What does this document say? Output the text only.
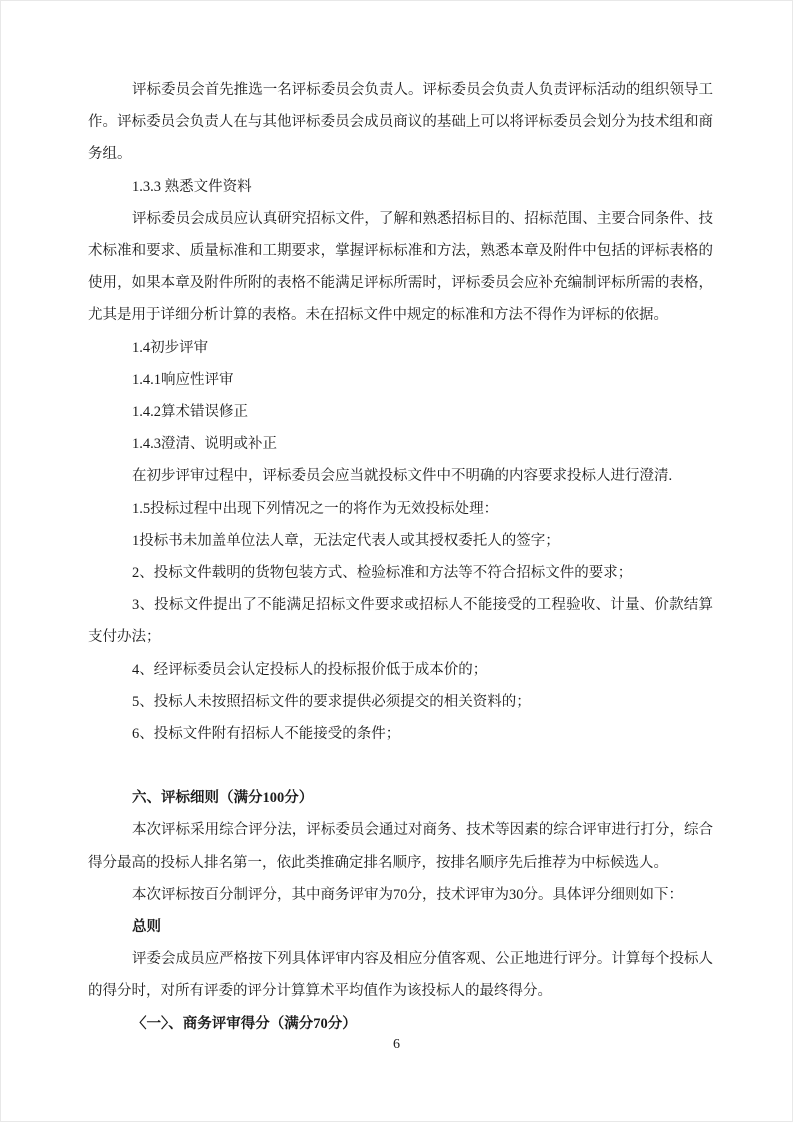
评标委员会首先推选一名评标委员会负责人。评标委员会负责人负责评标活动的组织领导工作。评标委员会负责人在与其他评标委员会成员商议的基础上可以将评标委员会划分为技术组和商务组。

1.3.3 熟悉文件资料

评标委员会成员应认真研究招标文件，了解和熟悉招标目的、招标范围、主要合同条件、技术标准和要求、质量标准和工期要求，掌握评标标准和方法，熟悉本章及附件中包括的评标表格的使用，如果本章及附件所附的表格不能满足评标所需时，评标委员会应补充编制评标所需的表格，尤其是用于详细分析计算的表格。未在招标文件中规定的标准和方法不得作为评标的依据。

1.4初步评审

1.4.1响应性评审

1.4.2算术错误修正

1.4.3澄清、说明或补正

在初步评审过程中，评标委员会应当就投标文件中不明确的内容要求投标人进行澄清.

1.5投标过程中出现下列情况之一的将作为无效投标处理：

1投标书未加盖单位法人章，无法定代表人或其授权委托人的签字；

2、投标文件载明的货物包装方式、检验标准和方法等不符合招标文件的要求；

3、投标文件提出了不能满足招标文件要求或招标人不能接受的工程验收、计量、价款结算支付办法；

4、经评标委员会认定投标人的投标报价低于成本价的；

5、投标人未按照招标文件的要求提供必须提交的相关资料的；

6、投标文件附有招标人不能接受的条件；

六、评标细则（满分100分）

本次评标采用综合评分法，评标委员会通过对商务、技术等因素的综合评审进行打分，综合得分最高的投标人排名第一，依此类推确定排名顺序，按排名顺序先后推荐为中标候选人。

本次评标按百分制评分，其中商务评审为70分，技术评审为30分。具体评分细则如下：

总则

评委会成员应严格按下列具体评审内容及相应分值客观、公正地进行评分。计算每个投标人的得分时，对所有评委的评分计算算术平均值作为该投标人的最终得分。

〈一〉、商务评审得分（满分70分）

6
